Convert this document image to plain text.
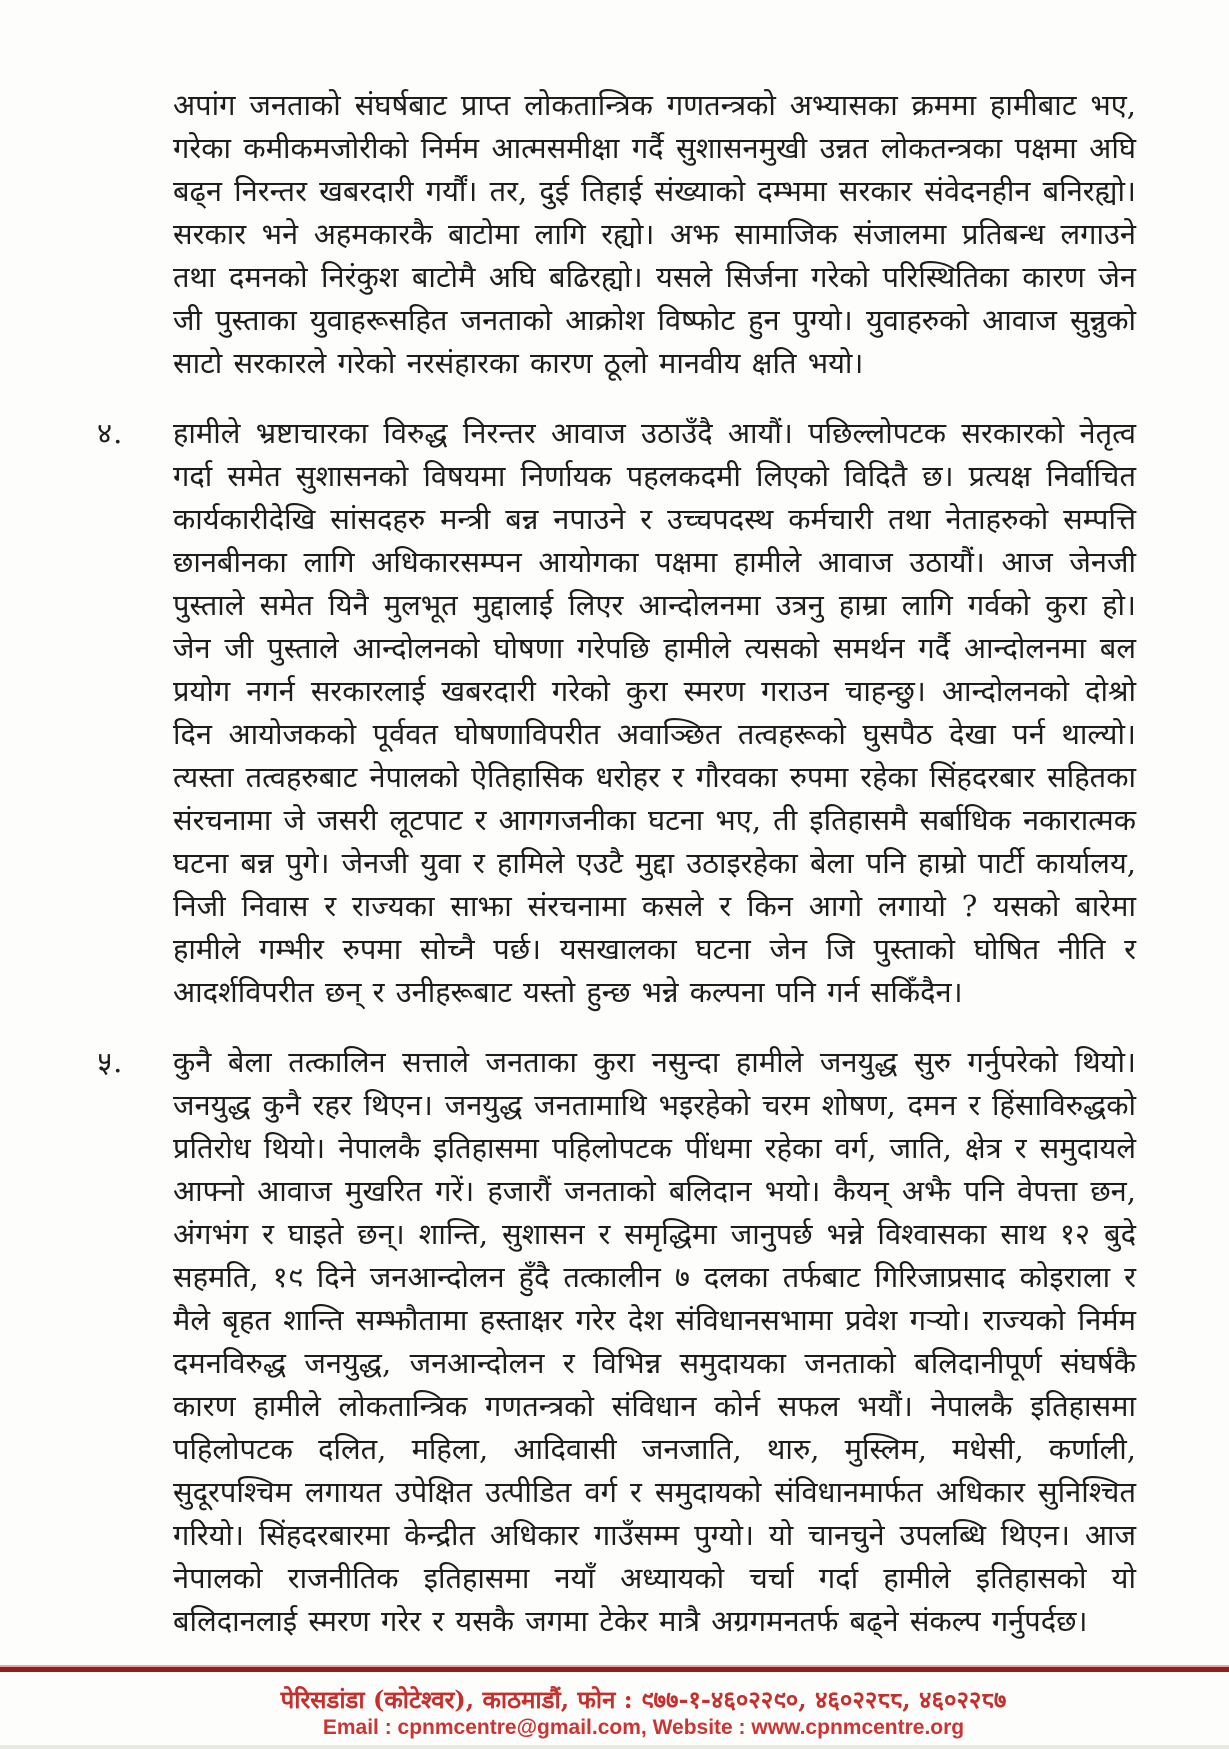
अपांग जनताको संघर्षबाट प्राप्त लोकतान्त्रिक गणतन्त्रको अभ्यासका क्रममा हामीबाट भए, गरेका कमीकमजोरीको निर्मम आत्मसमीक्षा गर्दै सुशासनमुखी उन्नत लोकतन्त्रका पक्षमा अघि बढ्न निरन्तर खबरदारी गर्यौं। तर, दुई तिहाई संख्याको दम्भमा सरकार संवेदनहीन बनिरह्यो। सरकार भने अहमकारकै बाटोमा लागि रह्यो। अझ सामाजिक संजालमा प्रतिबन्ध लगाउने तथा दमनको निरंकुश बाटोमै अघि बढिरह्यो। यसले सिर्जना गरेको परिस्थितिका कारण जेन जी पुस्ताका युवाहरूसहित जनताको आक्रोश विष्फोट हुन पुग्यो। युवाहरुको आवाज सुन्नुको साटो सरकारले गरेको नरसंहारका कारण ठूलो मानवीय क्षति भयो।
४.	हामीले भ्रष्टाचारका विरुद्ध निरन्तर आवाज उठाउँदै आयौं। पछिल्लोपटक सरकारको नेतृत्व गर्दा समेत सुशासनको विषयमा निर्णायक पहलकदमी लिएको विदितै छ। प्रत्यक्ष निर्वाचित कार्यकारीदेखि सांसदहरु मन्त्री बन्न नपाउने र उच्चपदस्थ कर्मचारी तथा नेताहरुको सम्पत्ति छानबीनका लागि अधिकारसम्पन आयोगका पक्षमा हामीले आवाज उठायौं। आज जेनजी पुस्ताले समेत यिनै मुलभूत मुद्दालाई लिएर आन्दोलनमा उत्रनु हाम्रा लागि गर्वको कुरा हो। जेन जी पुस्ताले आन्दोलनको घोषणा गरेपछि हामीले त्यसको समर्थन गर्दै आन्दोलनमा बल प्रयोग नगर्न सरकारलाई खबरदारी गरेको कुरा स्मरण गराउन चाहन्छु। आन्दोलनको दोश्रो दिन आयोजकको पूर्ववत घोषणाविपरीत अवाञ्छित तत्वहरूको घुसपैठ देखा पर्न थाल्यो। त्यस्ता तत्वहरुबाट नेपालको ऐतिहासिक धरोहर र गौरवका रुपमा रहेका सिंहदरबार सहितका संरचनामा जे जसरी लूटपाट र आगगजनीका घटना भए, ती इतिहासमै सर्बाधिक नकारात्मक घटना बन्न पुगे। जेनजी युवा र हामिले एउटै मुद्दा उठाइरहेका बेला पनि हाम्रो पार्टी कार्यालय, निजी निवास र राज्यका साझा संरचनामा कसले र किन आगो लगायो ? यसको बारेमा हामीले गम्भीर रुपमा सोच्नै पर्छ। यसखालका घटना जेन जि पुस्ताको घोषित नीति र आदर्शविपरीत छन् र उनीहरूबाट यस्तो हुन्छ भन्ने कल्पना पनि गर्न सकिँदैन।
५.	कुनै बेला तत्कालिन सत्ताले जनताका कुरा नसुन्दा हामीले जनयुद्ध सुरु गर्नुपरेको थियो। जनयुद्ध कुनै रहर थिएन। जनयुद्ध जनतामाथि भइरहेको चरम शोषण, दमन र हिंसाविरुद्धको प्रतिरोध थियो। नेपालकै इतिहासमा पहिलोपटक पींधमा रहेका वर्ग, जाति, क्षेत्र र समुदायले आफ्नो आवाज मुखरित गरें। हजारौं जनताको बलिदान भयो। कैयन् अझै पनि वेपत्ता छन, अंगभंग र घाइते छन्। शान्ति, सुशासन र समृद्धिमा जानुपर्छ भन्ने विश्वासका साथ १२ बुदे सहमति, १९ दिने जनआन्दोलन हुँदै तत्कालीन ७ दलका तर्फबाट गिरिजाप्रसाद कोइराला र मैले बृहत शान्ति सम्झौतामा हस्ताक्षर गरेर देश संविधानसभामा प्रवेश गऱ्यो। राज्यको निर्मम दमनविरुद्ध जनयुद्ध, जनआन्दोलन र विभिन्न समुदायका जनताको बलिदानीपूर्ण संघर्षकै कारण हामीले लोकतान्त्रिक गणतन्त्रको संविधान कोर्न सफल भयौं। नेपालकै इतिहासमा पहिलोपटक दलित, महिला, आदिवासी जनजाति, थारु, मुस्लिम, मधेसी, कर्णाली, सुदूरपश्चिम लगायत उपेक्षित उत्पीडित वर्ग र समुदायको संविधानमार्फत अधिकार सुनिश्चित गरियो। सिंहदरबारमा केन्द्रीत अधिकार गाउँसम्म पुग्यो। यो चानचुने उपलब्धि थिएन। आज नेपालको राजनीतिक इतिहासमा नयाँ अध्यायको चर्चा गर्दा हामीले इतिहासको यो बलिदानलाई स्मरण गरेर र यसकै जगमा टेकेर मात्रै अग्रगमनतर्फ बढ्ने संकल्प गर्नुपर्दछ।
पेरिसडांडा (कोटेश्वर), काठमाडौं, फोन : ९७७-१-४६०२२९०, ४६०२२८८, ४६०२२८७
Email : cpnmcentre@gmail.com, Website : www.cpnmcentre.org
